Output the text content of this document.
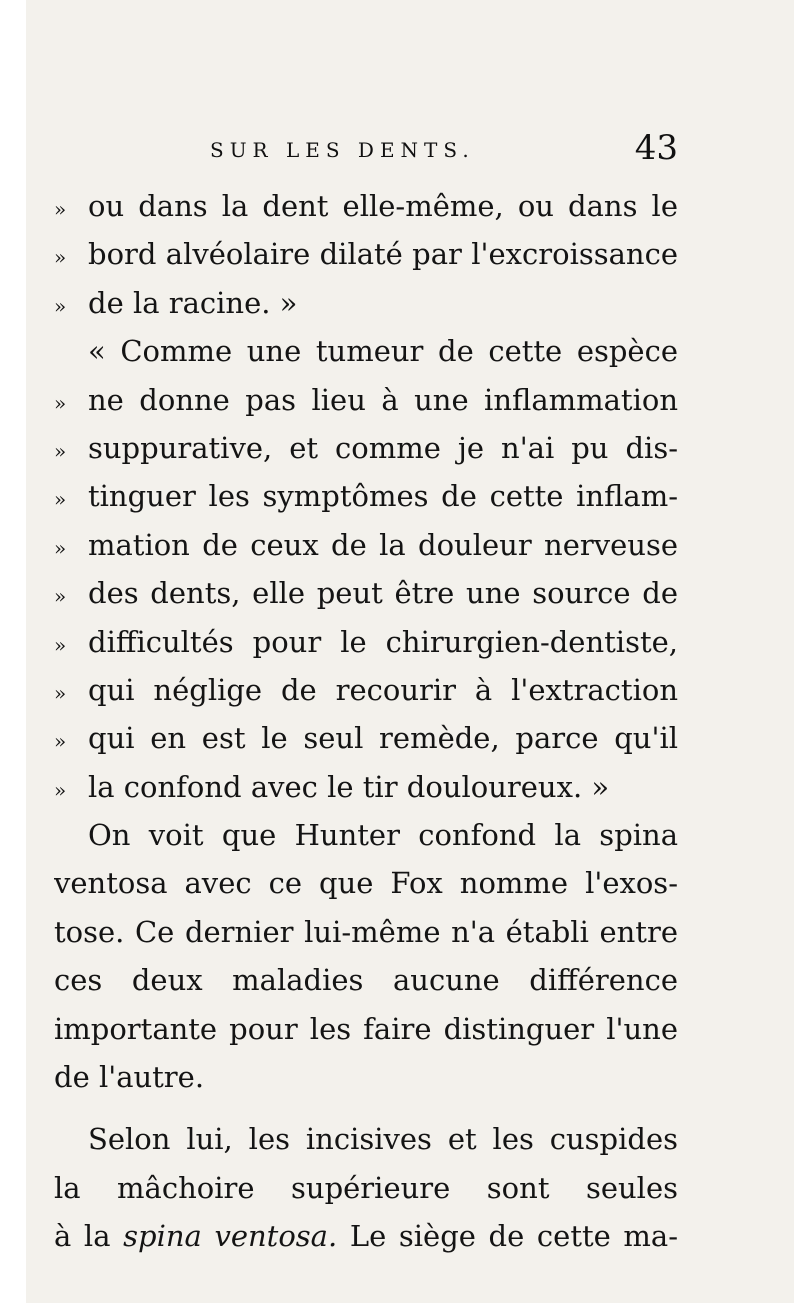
SUR LES DENTS.	43
» ou dans la dent elle-même, ou dans le
» bord alvéolaire dilaté par l'excroissance
» de la racine. »
« Comme une tumeur de cette espèce
» ne donne pas lieu à une inflammation
» suppurative, et comme je n'ai pu dis-
» tinguer les symptômes de cette inflam-
» mation de ceux de la douleur nerveuse
» des dents, elle peut être une source de
» difficultés pour le chirurgien-dentiste,
» qui néglige de recourir à l'extraction
» qui en est le seul remède, parce qu'il
» la confond avec le tir douloureux. »
On voit que Hunter confond la spina
ventosa avec ce que Fox nomme l'exos-
tose. Ce dernier lui-même n'a établi entre
ces deux maladies aucune différence
importante pour les faire distinguer l'une
de l'autre.
Selon lui, les incisives et les cuspides
la mâchoire supérieure sont seules
à la spina ventosa. Le siège de cette ma-
